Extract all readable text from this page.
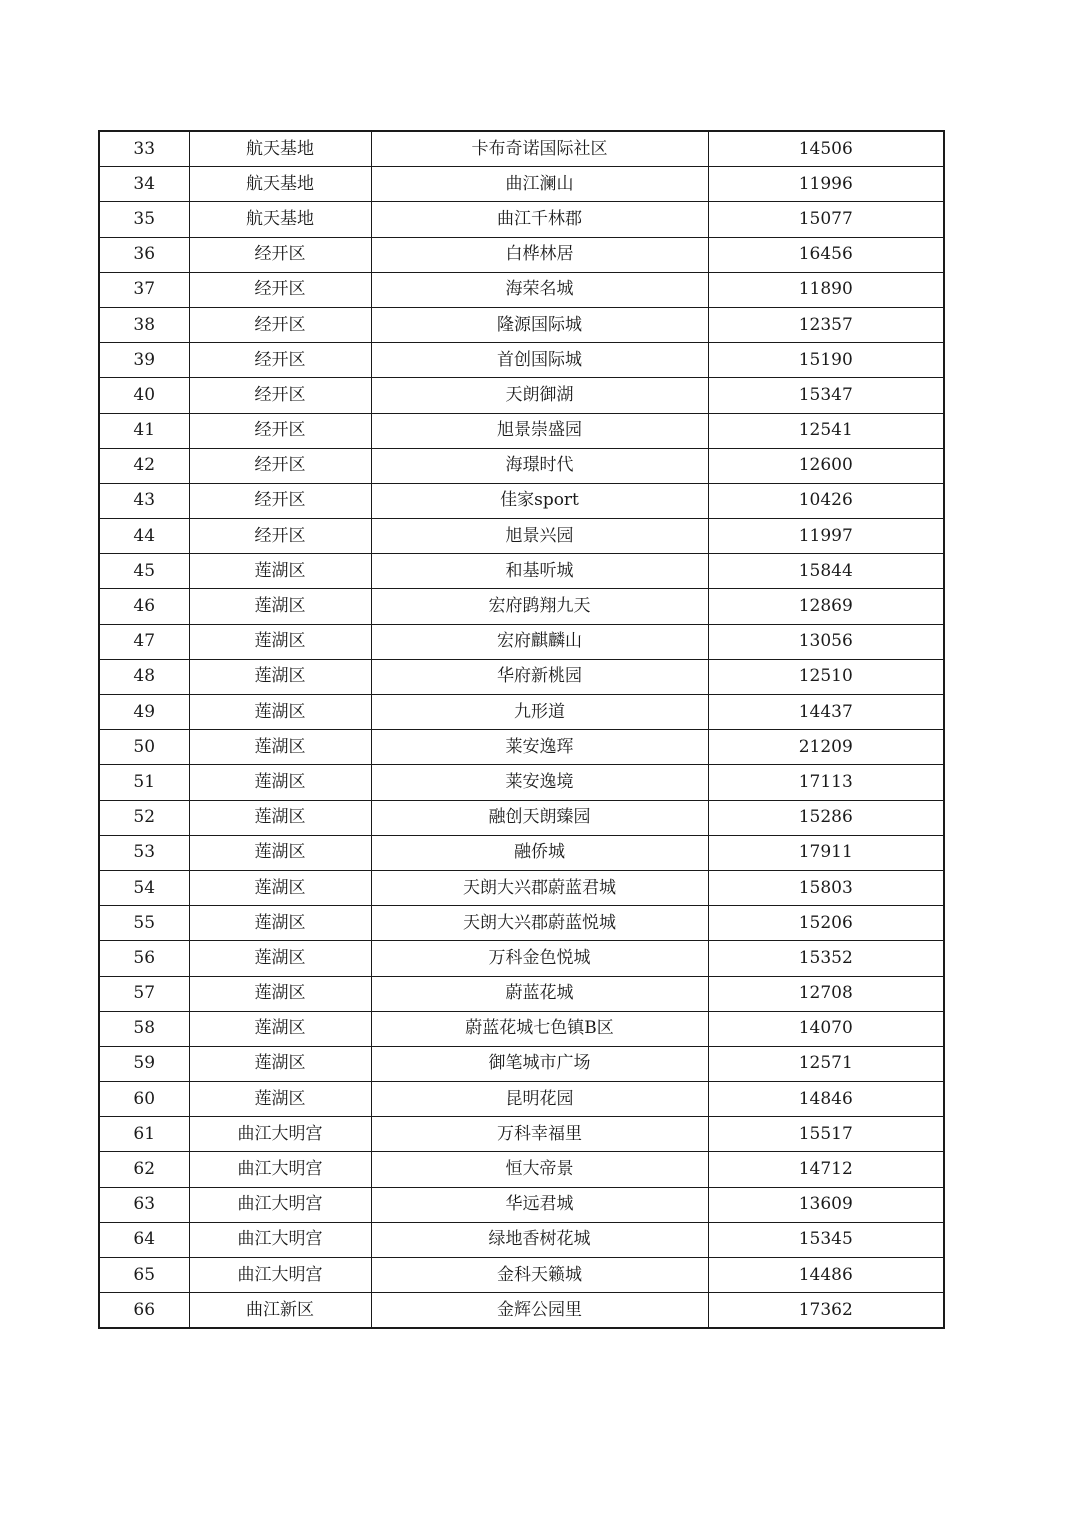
33	航天基地	卡布奇诺国际社区	14506
34	航天基地	曲江澜山	11996
35	航天基地	曲江千林郡	15077
36	经开区	白桦林居	16456
37	经开区	海荣名城	11890
38	经开区	隆源国际城	12357
39	经开区	首创国际城	15190
40	经开区	天朗御湖	15347
41	经开区	旭景崇盛园	12541
42	经开区	海璟时代	12600
43	经开区	佳家sport	10426
44	经开区	旭景兴园	11997
45	莲湖区	和基听城	15844
46	莲湖区	宏府鹍翔九天	12869
47	莲湖区	宏府麒麟山	13056
48	莲湖区	华府新桃园	12510
49	莲湖区	九形道	14437
50	莲湖区	莱安逸珲	21209
51	莲湖区	莱安逸境	17113
52	莲湖区	融创天朗臻园	15286
53	莲湖区	融侨城	17911
54	莲湖区	天朗大兴郡蔚蓝君城	15803
55	莲湖区	天朗大兴郡蔚蓝悦城	15206
56	莲湖区	万科金色悦城	15352
57	莲湖区	蔚蓝花城	12708
58	莲湖区	蔚蓝花城七色镇B区	14070
59	莲湖区	御笔城市广场	12571
60	莲湖区	昆明花园	14846
61	曲江大明宫	万科幸福里	15517
62	曲江大明宫	恒大帝景	14712
63	曲江大明宫	华远君城	13609
64	曲江大明宫	绿地香树花城	15345
65	曲江大明宫	金科天籁城	14486
66	曲江新区	金辉公园里	17362
